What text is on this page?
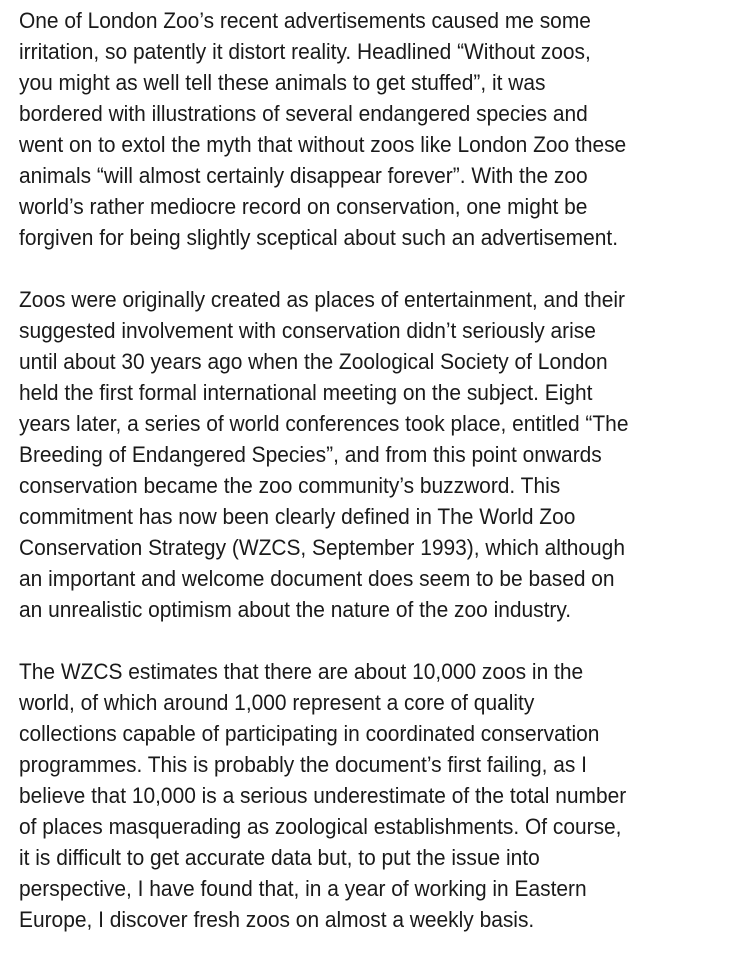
One of London Zoo’s recent advertisements caused me some
irritation, so patently it distort reality. Headlined “Without zoos,
you might as well tell these animals to get stuffed”, it was
bordered with illustrations of several endangered species and
went on to extol the myth that without zoos like London Zoo these
animals “will almost certainly disappear forever”. With the zoo
world’s rather mediocre record on conservation, one might be
forgiven for being slightly sceptical about such an advertisement.
Zoos were originally created as places of entertainment, and their
suggested involvement with conservation didn’t seriously arise
until about 30 years ago when the Zoological Society of London
held the first formal international meeting on the subject. Eight
years later, a series of world conferences took place, entitled “The
Breeding of Endangered Species”, and from this point onwards
conservation became the zoo community’s buzzword. This
commitment has now been clearly defined in The World Zoo
Conservation Strategy (WZCS, September 1993), which although
an important and welcome document does seem to be based on
an unrealistic optimism about the nature of the zoo industry.
The WZCS estimates that there are about 10,000 zoos in the
world, of which around 1,000 represent a core of quality
collections capable of participating in coordinated conservation
programmes. This is probably the document’s first failing, as I
believe that 10,000 is a serious underestimate of the total number
of places masquerading as zoological establishments. Of course,
it is difficult to get accurate data but, to put the issue into
perspective, I have found that, in a year of working in Eastern
Europe, I discover fresh zoos on almost a weekly basis.
